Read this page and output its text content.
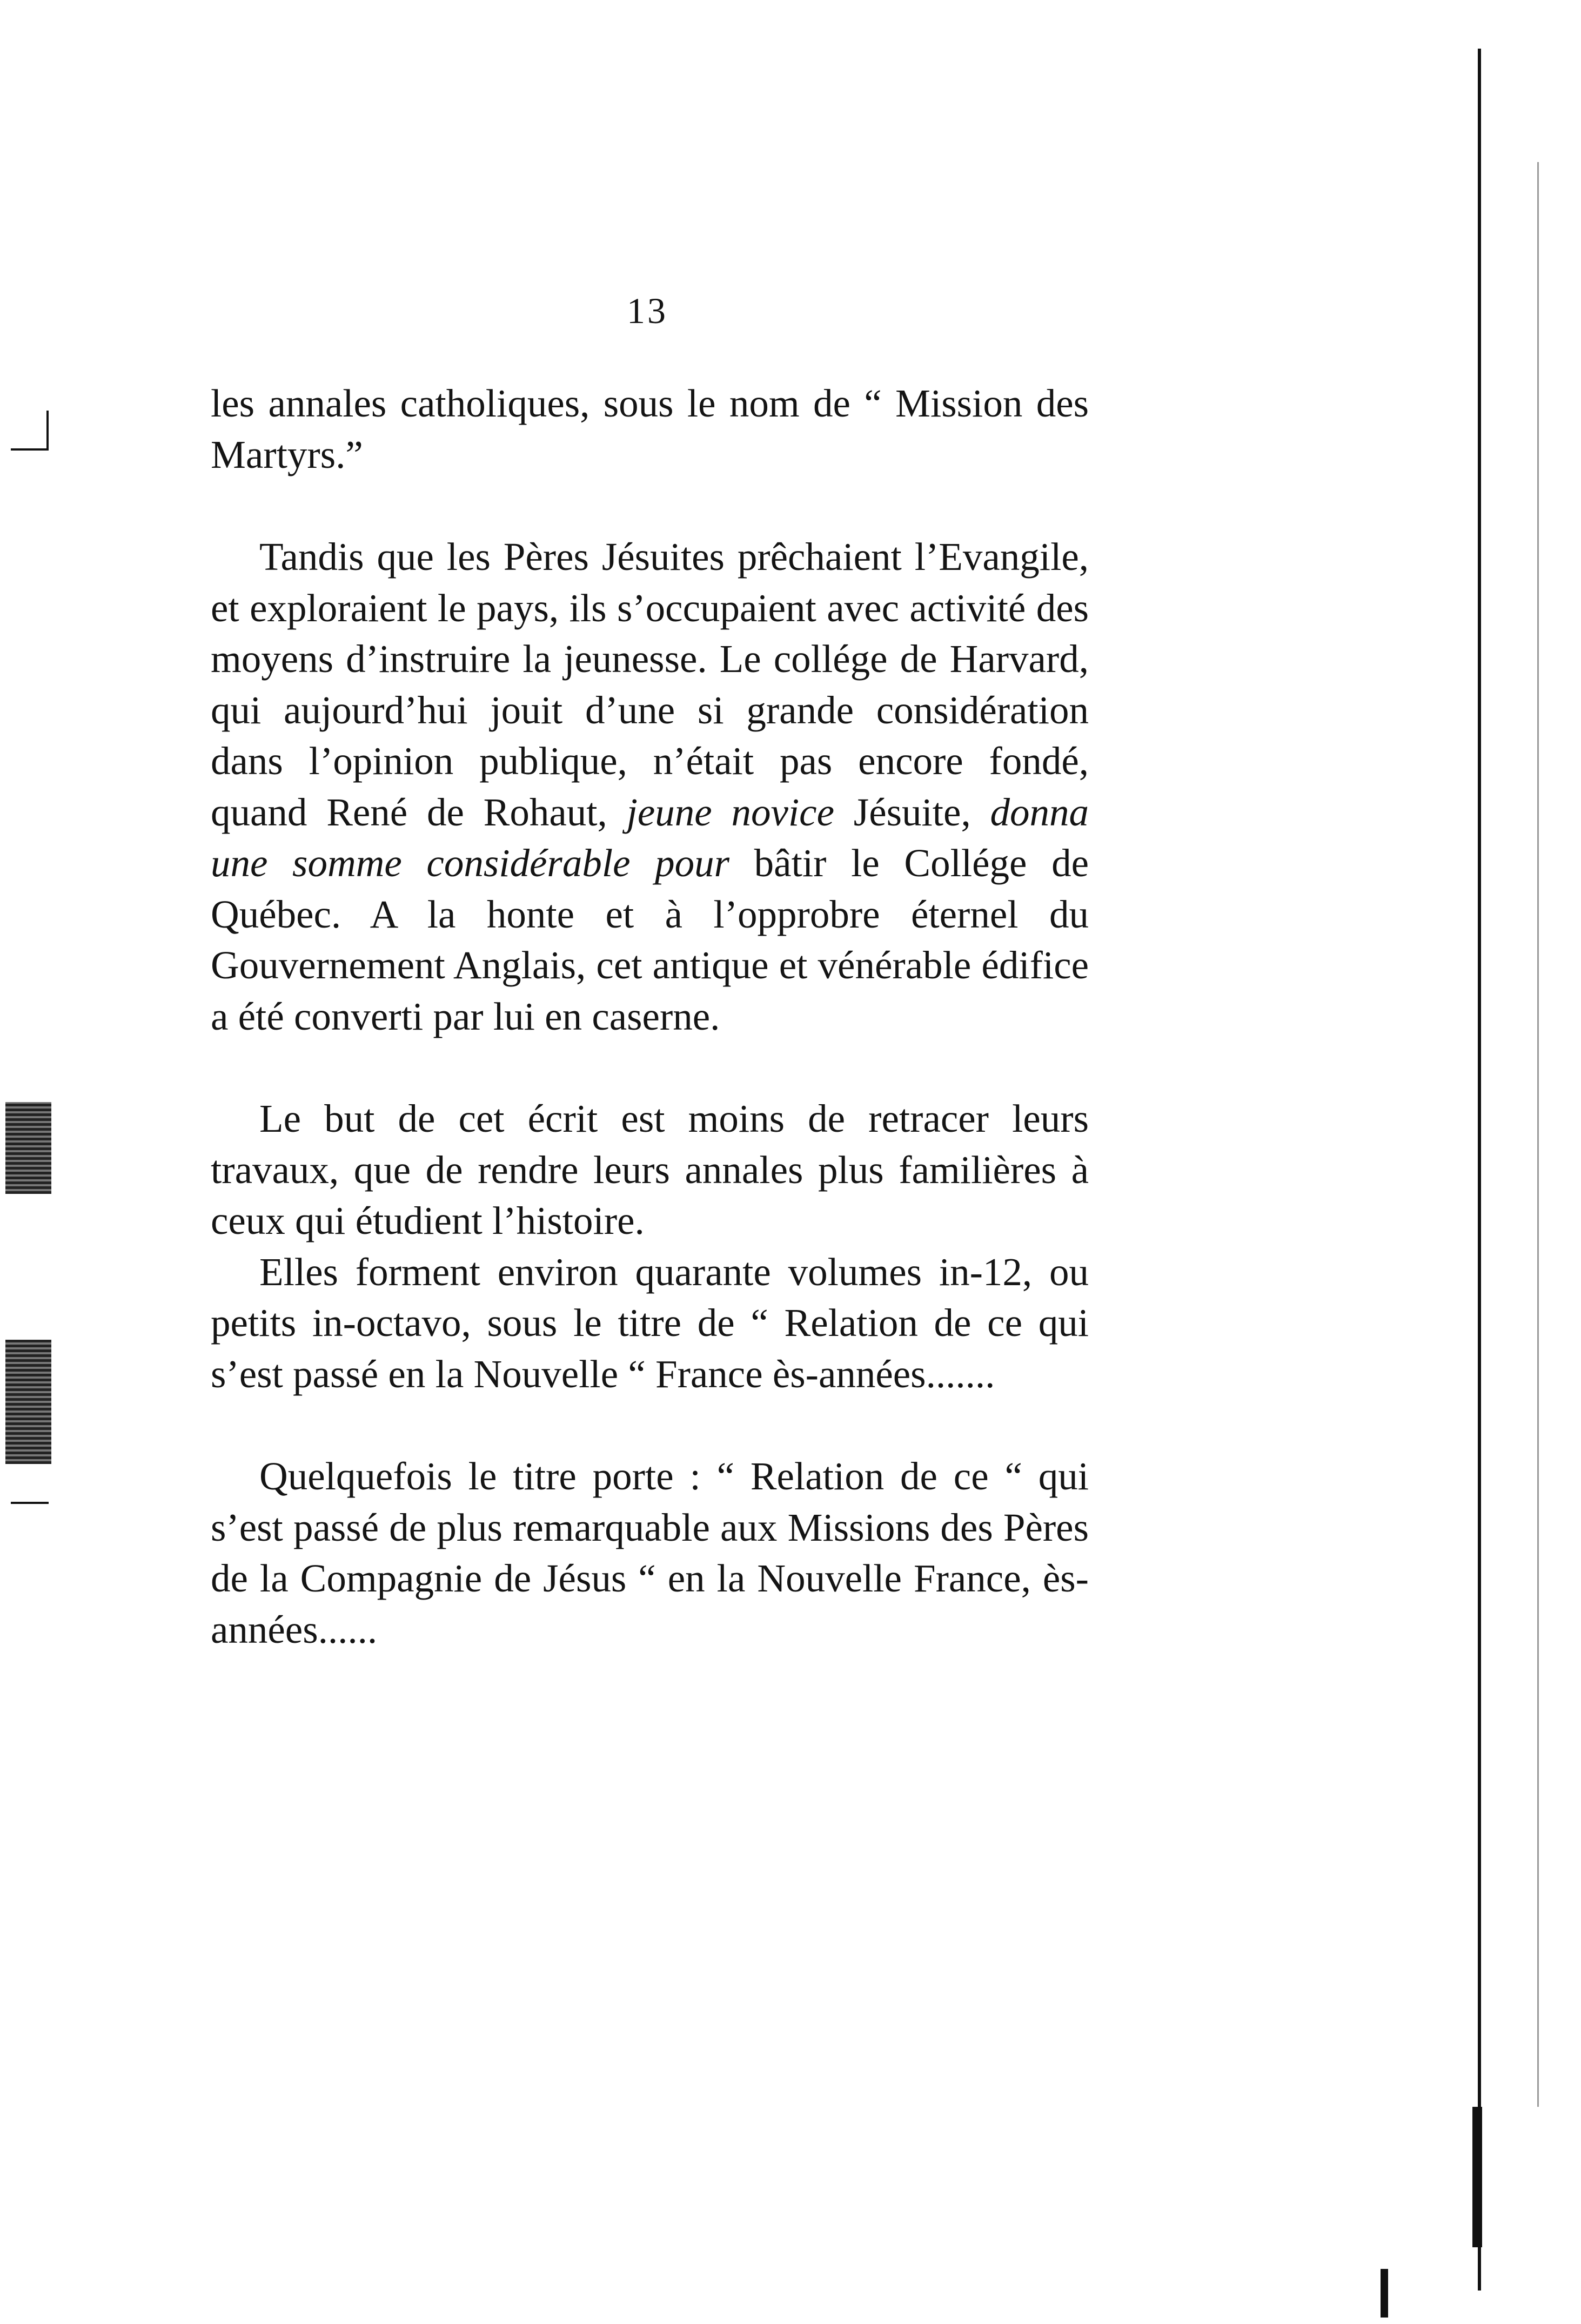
13

les annales catholiques, sous le nom de “ Mission des Martyrs.”

Tandis que les Pères Jésuites prêchaient l’Evangile, et exploraient le pays, ils s’occupaient avec activité des moyens d’instruire la jeunesse. Le collége de Harvard, qui aujourd’hui jouit d’une si grande considération dans l’opinion publique, n’était pas encore fondé, quand René de Rohaut, jeune novice Jésuite, donna une somme considérable pour bâtir le Collége de Québec. A la honte et à l’opprobre éternel du Gouvernement Anglais, cet antique et vénérable édifice a été converti par lui en caserne.

Le but de cet écrit est moins de retracer leurs travaux, que de rendre leurs annales plus familières à ceux qui étudient l’histoire.

Elles forment environ quarante volumes in-12, ou petits in-octavo, sous le titre de “ Relation de ce qui s’est passé en la Nouvelle “ France ès-années.......

Quelquefois le titre porte : “ Relation de ce “ qui s’est passé de plus remarquable aux Missions des Pères de la Compagnie de Jésus “ en la Nouvelle France, ès-années......
